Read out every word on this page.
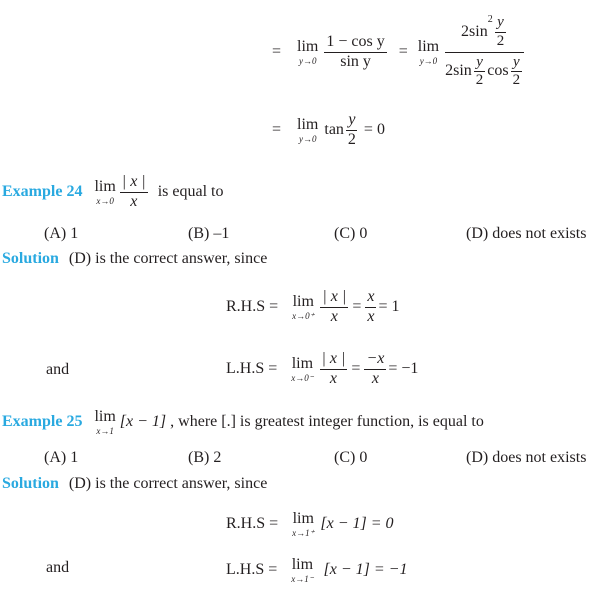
= lim
$y\to 0 \frac{\text{1 − cos y}}{\text{sin y}} = \lim$
y→0
2sin
$^2 \frac{y}{2}$
$2\sin \frac{y}{2}$ $\cos \frac{y}{2}$
= lim
y→0
$\tan \frac{y}{2} = 0$
Example 24 lim
$x\to 0 \frac{| x |}{x}$ is equal to
(A) 1	(B) –1	(C) 0	(D) does not exists
Solution (D) is the correct answer, since
R.H.S = lim
$x\to 0^+ \frac{| x |}{x} = \frac{x}{x} = 1$
and	L.H.S = lim
$x\to 0^- \frac{| x |}{x} = \frac{-x}{x} = -1$
Example 25 lim
x→1
[x − 1] , where [.] is greatest integer function, is equal to
(A) 1	(B) 2	(C) 0	(D) does not exists
Solution (D) is the correct answer, since
R.H.S = lim
x→1⁺
[x − 1] = 0
and	L.H.S = lim
x→1⁻
[x − 1] = −1
